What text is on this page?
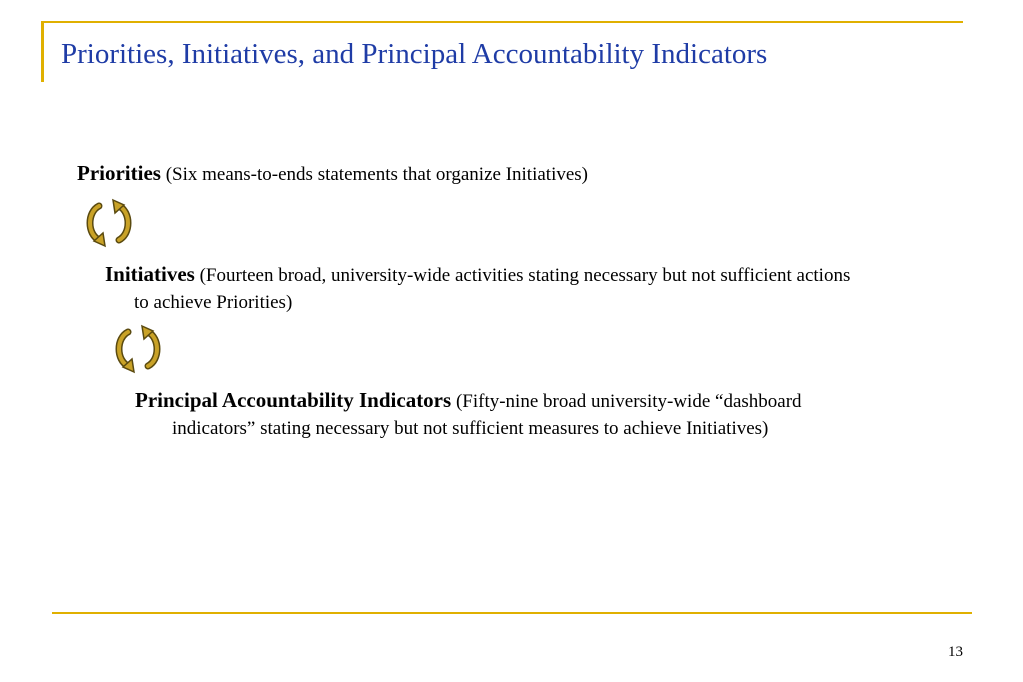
Priorities, Initiatives, and Principal Accountability Indicators
Priorities (Six means-to-ends statements that organize Initiatives)
Initiatives (Fourteen broad, university-wide activities stating necessary but not sufficient actions to achieve Priorities)
Principal Accountability Indicators (Fifty-nine broad university-wide “dashboard indicators” stating necessary but not sufficient measures to achieve Initiatives)
13
